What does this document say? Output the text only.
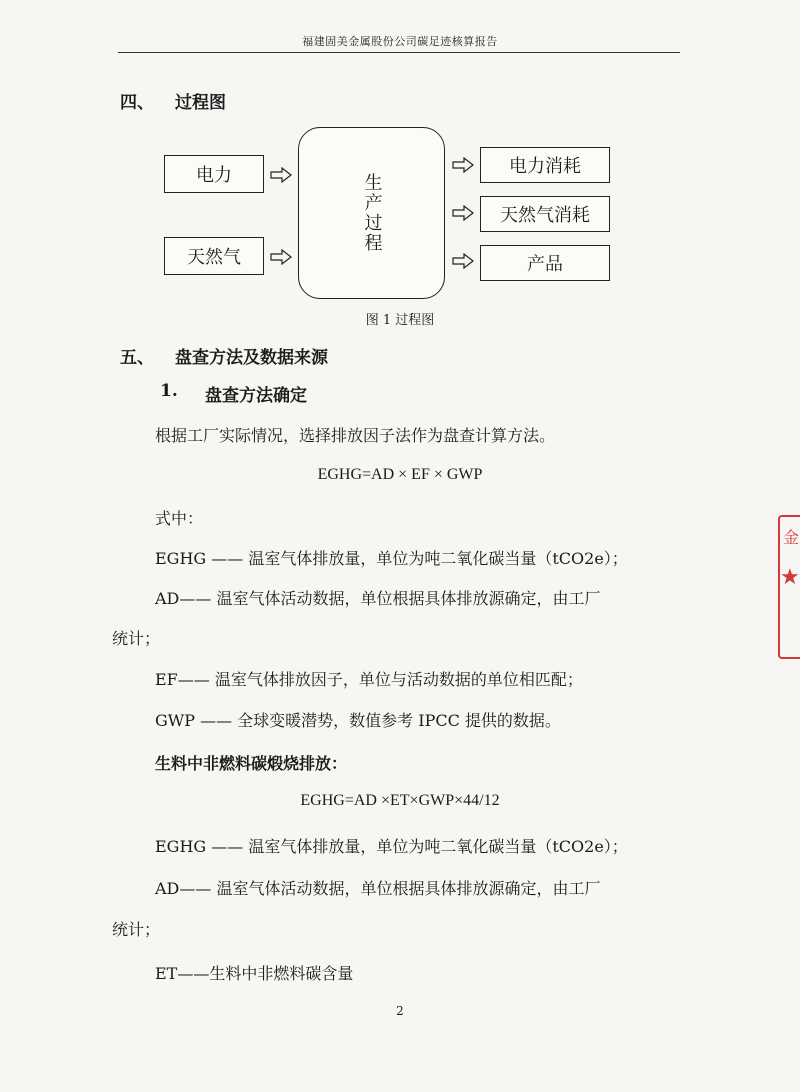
福建固美金属股份公司碳足迹核算报告
四、 过程图
电力
天然气
生产过程
电力消耗
天然气消耗
产品
图 1 过程图
五、 盘查方法及数据来源
1. 盘查方法确定
根据工厂实际情况，选择排放因子法作为盘查计算方法。
EGHG=AD × EF × GWP
式中：
EGHG —— 温室气体排放量，单位为吨二氧化碳当量（tCO2e）；
AD—— 温室气体活动数据，单位根据具体排放源确定，由工厂
统计；
EF—— 温室气体排放因子，单位与活动数据的单位相匹配；
GWP —— 全球变暖潜势，数值参考 IPCC 提供的数据。
生料中非燃料碳煅烧排放：
EGHG=AD ×ET×GWP×44/12
EGHG —— 温室气体排放量，单位为吨二氧化碳当量（tCO2e）；
AD—— 温室气体活动数据，单位根据具体排放源确定，由工厂
统计；
ET——生料中非燃料碳含量
2
金
★
